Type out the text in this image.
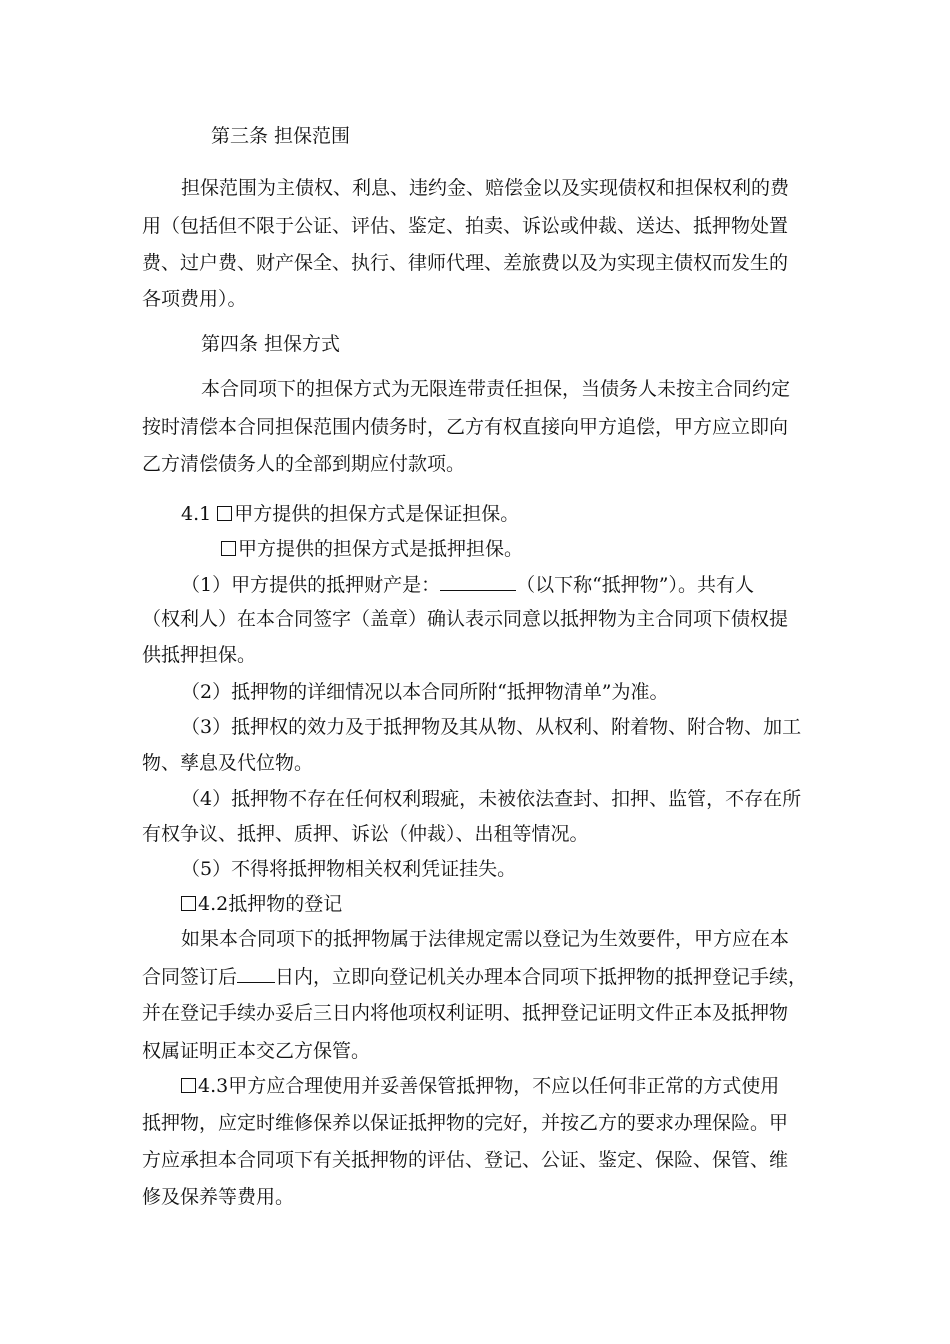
第三条 担保范围
担保范围为主债权、利息、违约金、赔偿金以及实现债权和担保权利的费
用（包括但不限于公证、评估、鉴定、拍卖、诉讼或仲裁、送达、抵押物处置
费、过户费、财产保全、执行、律师代理、差旅费以及为实现主债权而发生的
各项费用）。
第四条 担保方式
本合同项下的担保方式为无限连带责任担保，当债务人未按主合同约定
按时清偿本合同担保范围内债务时，乙方有权直接向甲方追偿，甲方应立即向
乙方清偿债务人的全部到期应付款项。
4.1 甲方提供的担保方式是保证担保。
甲方提供的担保方式是抵押担保。
（1）甲方提供的抵押财产是：	（以下称“抵押物”）。共有人
（权利人）在本合同签字（盖章）确认表示同意以抵押物为主合同项下债权提
供抵押担保。
（2）抵押物的详细情况以本合同所附“抵押物清单”为准。
（3）抵押权的效力及于抵押物及其从物、从权利、附着物、附合物、加工
物、孳息及代位物。
（4）抵押物不存在任何权利瑕疵，未被依法查封、扣押、监管，不存在所
有权争议、抵押、质押、诉讼（仲裁）、出租等情况。
（5）不得将抵押物相关权利凭证挂失。
4.2抵押物的登记
如果本合同项下的抵押物属于法律规定需以登记为生效要件，甲方应在本
合同签订后 日内，立即向登记机关办理本合同项下抵押物的抵押登记手续，
并在登记手续办妥后三日内将他项权利证明、抵押登记证明文件正本及抵押物
权属证明正本交乙方保管。
4.3甲方应合理使用并妥善保管抵押物，不应以任何非正常的方式使用
抵押物，应定时维修保养以保证抵押物的完好，并按乙方的要求办理保险。甲
方应承担本合同项下有关抵押物的评估、登记、公证、鉴定、保险、保管、维
修及保养等费用。
